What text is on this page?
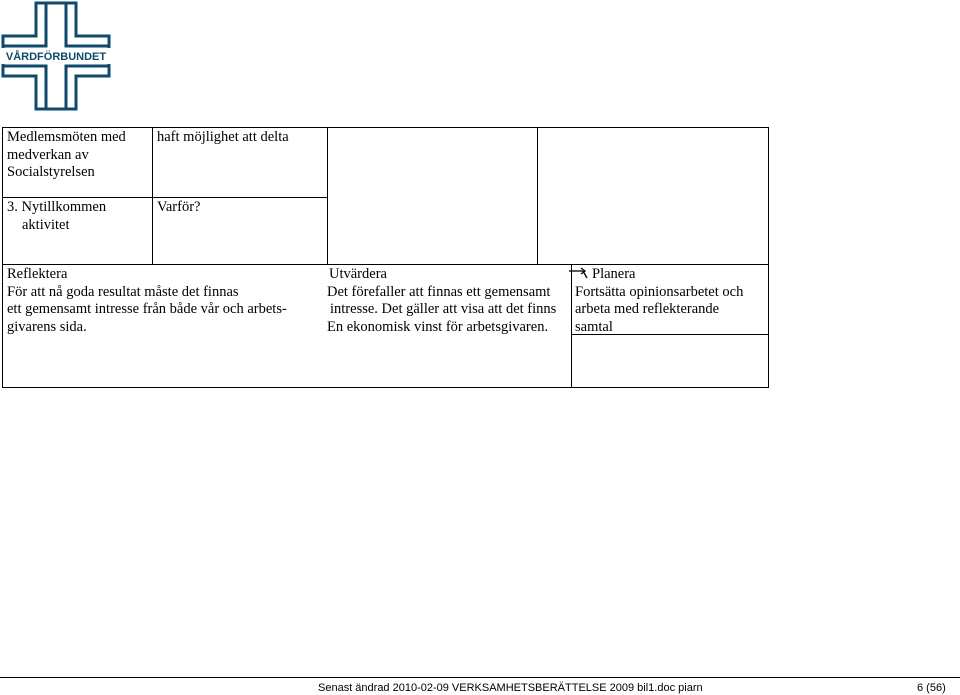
VÅRDFÖRBUNDET
Medlemsmöten med
medverkan av
Socialstyrelsen
haft möjlighet att delta
3. Nytillkommen
aktivitet
Varför?
Reflektera
För att nå goda resultat måste det finnas
ett gemensamt intresse från både vår och arbets-
givarens sida.
Utvärdera
Det förefaller att finnas ett gemensamt
intresse. Det gäller att visa att det finns
En ekonomisk vinst för arbetsgivaren.
Planera
Fortsätta opinionsarbetet och
arbeta med reflekterande
samtal
Senast ändrad 2010-02-09 VERKSAMHETSBERÄTTELSE 2009 bil1.doc piarn	6 (56)
